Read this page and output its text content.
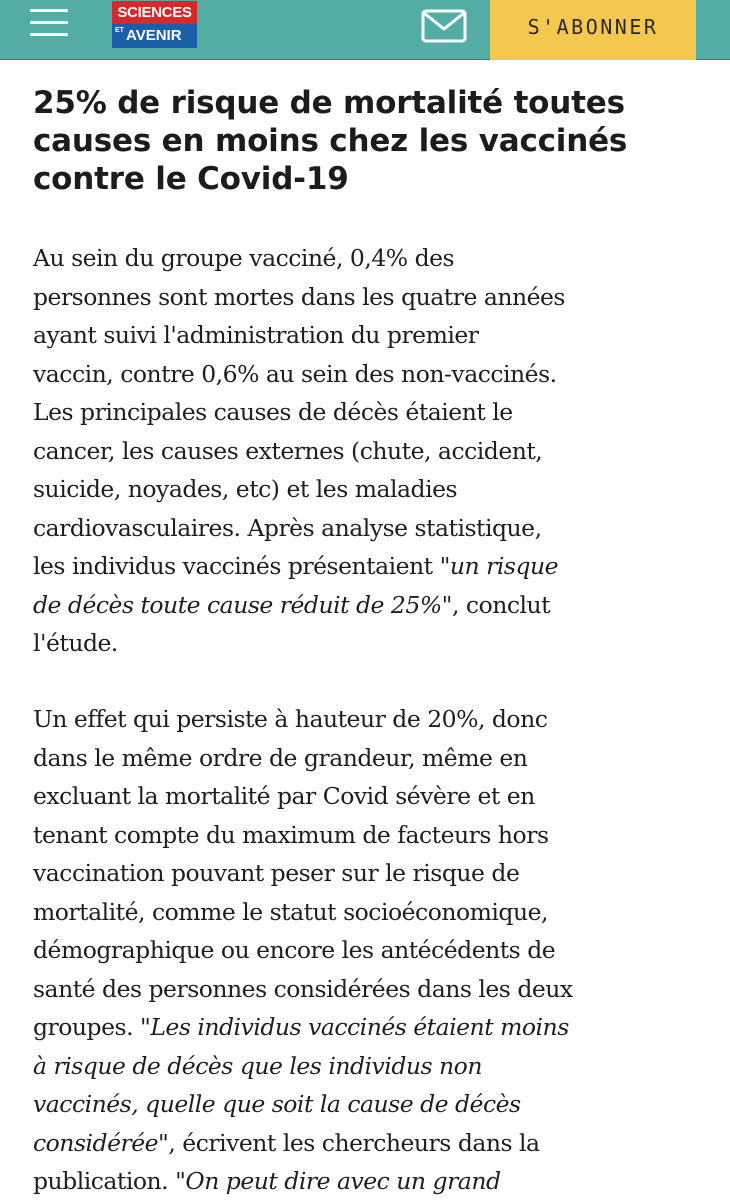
SCIENCES
ET AVENIR	S'ABONNER
25% de risque de mortalité toutes causes en moins chez les vaccinés contre le Covid-19

Au sein du groupe vacciné, 0,4% des
personnes sont mortes dans les quatre années
ayant suivi l'administration du premier
vaccin, contre 0,6% au sein des non-vaccinés.
Les principales causes de décès étaient le
cancer, les causes externes (chute, accident,
suicide, noyades, etc) et les maladies
cardiovasculaires. Après analyse statistique,
les individus vaccinés présentaient "un risque
de décès toute cause réduit de 25%", conclut
l'étude.

Un effet qui persiste à hauteur de 20%, donc
dans le même ordre de grandeur, même en
excluant la mortalité par Covid sévère et en
tenant compte du maximum de facteurs hors
vaccination pouvant peser sur le risque de
mortalité, comme le statut socioéconomique,
démographique ou encore les antécédents de
santé des personnes considérées dans les deux
groupes. "Les individus vaccinés étaient moins
à risque de décès que les individus non
vaccinés, quelle que soit la cause de décès
considérée", écrivent les chercheurs dans la
publication. "On peut dire avec un grand
